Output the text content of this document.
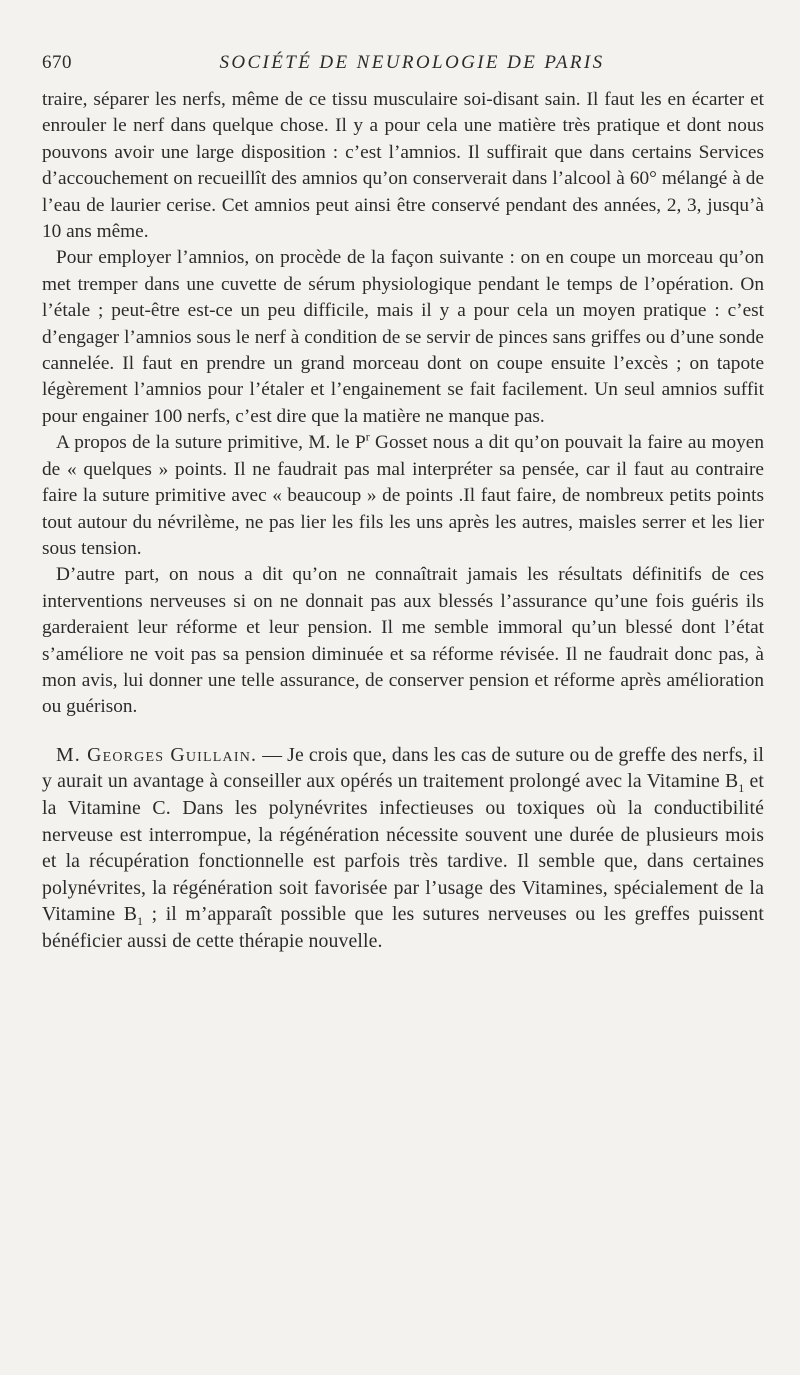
670	SOCIÉTÉ DE NEUROLOGIE DE PARIS

traire, séparer les nerfs, même de ce tissu musculaire soi-disant sain. Il faut les en écarter et enrouler le nerf dans quelque chose. Il y a pour cela une matière très pratique et dont nous pouvons avoir une large disposition : c’est l’amnios. Il suffirait que dans certains Services d’accouchement on recueillît des amnios qu’on conserverait dans l’alcool à 60° mélangé à de l’eau de laurier cerise. Cet amnios peut ainsi être conservé pendant des années, 2, 3, jusqu’à 10 ans même.

Pour employer l’amnios, on procède de la façon suivante : on en coupe un morceau qu’on met tremper dans une cuvette de sérum physiologique pendant le temps de l’opération. On l’étale ; peut-être est-ce un peu difficile, mais il y a pour cela un moyen pratique : c’est d’engager l’amnios sous le nerf à condition de se servir de pinces sans griffes ou d’une sonde cannelée. Il faut en prendre un grand morceau dont on coupe ensuite l’excès ; on tapote légèrement l’amnios pour l’étaler et l’engainement se fait facilement. Un seul amnios suffit pour engainer 100 nerfs, c’est dire que la matière ne manque pas.

A propos de la suture primitive, M. le $P^r$ Gosset nous a dit qu’on pouvait la faire au moyen de « quelques » points. Il ne faudrait pas mal interpréter sa pensée, car il faut au contraire faire la suture primitive avec « beaucoup » de points .Il faut faire, de nombreux petits points tout autour du névrilème, ne pas lier les fils les uns après les autres, maisles serrer et les lier sous tension.

D’autre part, on nous a dit qu’on ne connaîtrait jamais les résultats définitifs de ces interventions nerveuses si on ne donnait pas aux blessés l’assurance qu’une fois guéris ils garderaient leur réforme et leur pension. Il me semble immoral qu’un blessé dont l’état s’améliore ne voit pas sa pension diminuée et sa réforme révisée. Il ne faudrait donc pas, à mon avis, lui donner une telle assurance, de conserver pension et réforme après amélioration ou guérison.

M. Georges Guillain. — Je crois que, dans les cas de suture ou de greffe des nerfs, il y aurait un avantage à conseiller aux opérés un traitement prolongé avec la Vitamine $B_1$ et la Vitamine C. Dans les polynévrites infectieuses ou toxiques où la conductibilité nerveuse est interrompue, la régénération nécessite souvent une durée de plusieurs mois et la récupération fonctionnelle est parfois très tardive. Il semble que, dans certaines polynévrites, la régénération soit favorisée par l’usage des Vitamines, spécialement de la Vitamine $B_1$ ; il m’apparaît possible que les sutures nerveuses ou les greffes puissent bénéficier aussi de cette thérapie nouvelle.
